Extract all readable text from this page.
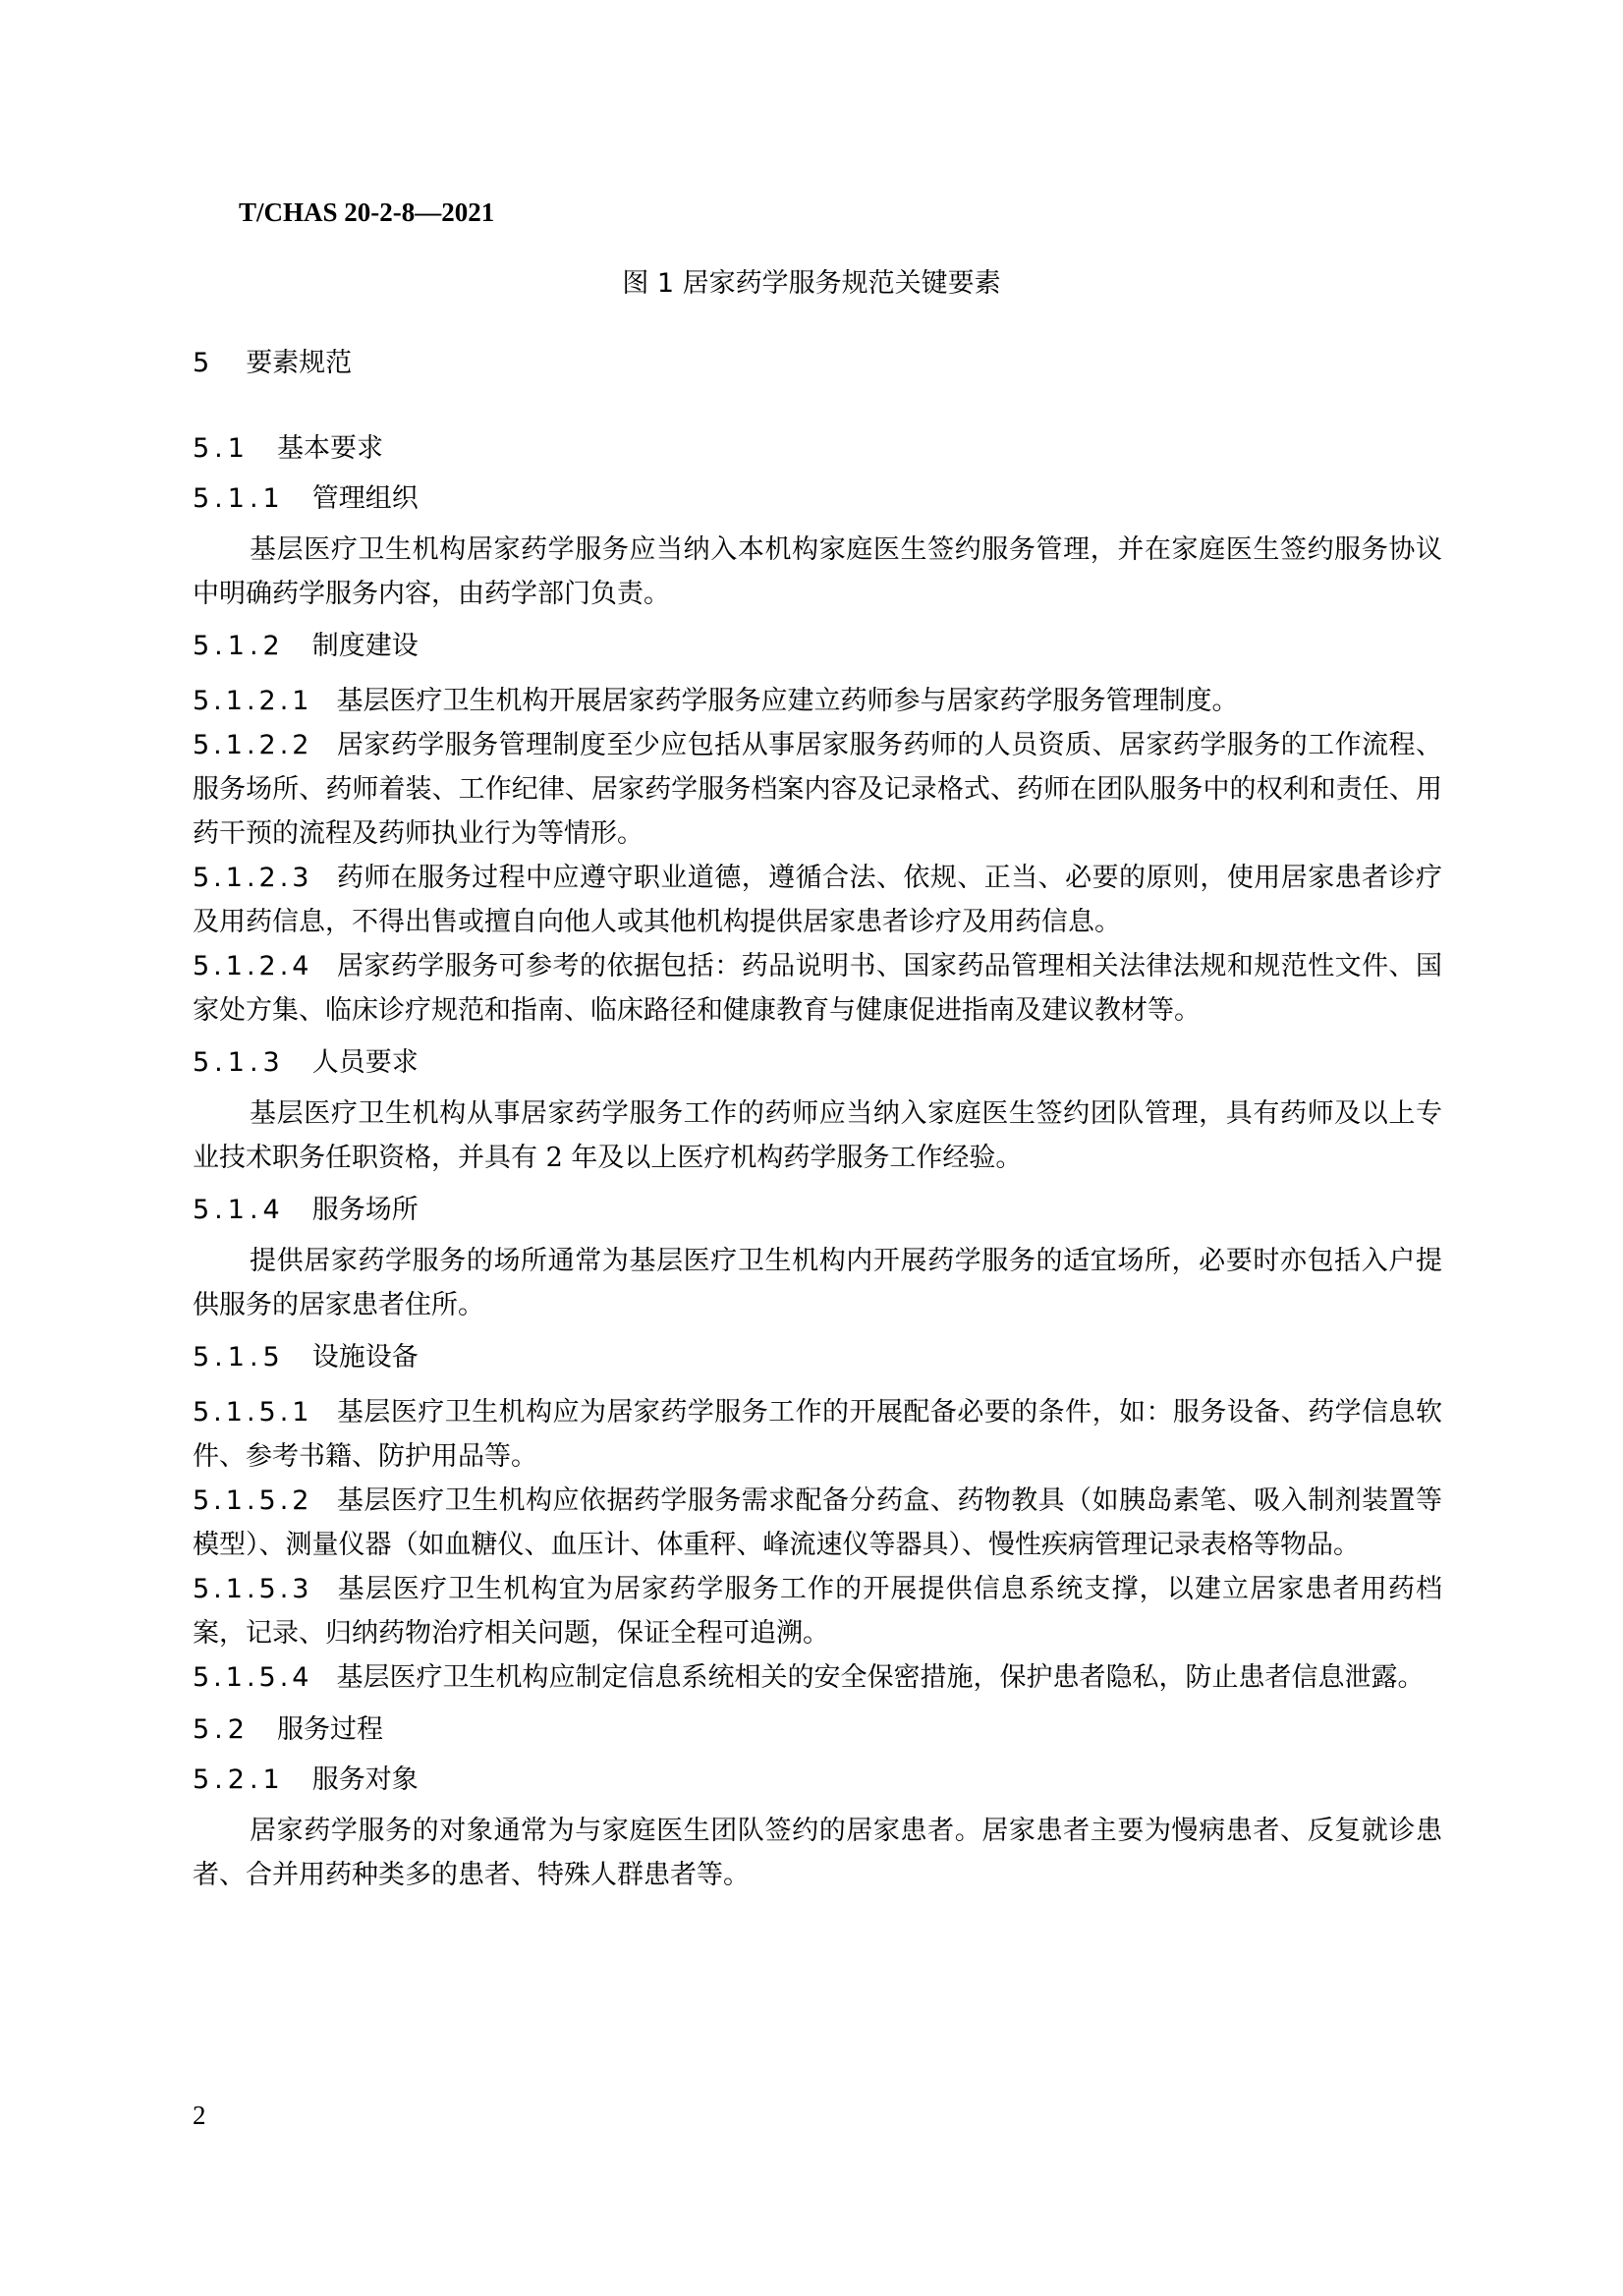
T/CHAS 20-2-8—2021
图 1 居家药学服务规范关键要素

5 要素规范

5.1 基本要求

5.1.1 管理组织

基层医疗卫生机构居家药学服务应当纳入本机构家庭医生签约服务管理，并在家庭医生签约服务协议中明确药学服务内容，由药学部门负责。

5.1.2 制度建设

5.1.2.1 基层医疗卫生机构开展居家药学服务应建立药师参与居家药学服务管理制度。

5.1.2.2 居家药学服务管理制度至少应包括从事居家服务药师的人员资质、居家药学服务的工作流程、服务场所、药师着装、工作纪律、居家药学服务档案内容及记录格式、药师在团队服务中的权利和责任、用药干预的流程及药师执业行为等情形。

5.1.2.3 药师在服务过程中应遵守职业道德，遵循合法、依规、正当、必要的原则，使用居家患者诊疗及用药信息，不得出售或擅自向他人或其他机构提供居家患者诊疗及用药信息。

5.1.2.4 居家药学服务可参考的依据包括：药品说明书、国家药品管理相关法律法规和规范性文件、国家处方集、临床诊疗规范和指南、临床路径和健康教育与健康促进指南及建议教材等。

5.1.3 人员要求

基层医疗卫生机构从事居家药学服务工作的药师应当纳入家庭医生签约团队管理，具有药师及以上专业技术职务任职资格，并具有 2 年及以上医疗机构药学服务工作经验。

5.1.4 服务场所

提供居家药学服务的场所通常为基层医疗卫生机构内开展药学服务的适宜场所，必要时亦包括入户提供服务的居家患者住所。

5.1.5 设施设备

5.1.5.1 基层医疗卫生机构应为居家药学服务工作的开展配备必要的条件，如：服务设备、药学信息软件、参考书籍、防护用品等。

5.1.5.2 基层医疗卫生机构应依据药学服务需求配备分药盒、药物教具（如胰岛素笔、吸入制剂装置等模型）、测量仪器（如血糖仪、血压计、体重秤、峰流速仪等器具）、慢性疾病管理记录表格等物品。

5.1.5.3 基层医疗卫生机构宜为居家药学服务工作的开展提供信息系统支撑，以建立居家患者用药档案，记录、归纳药物治疗相关问题，保证全程可追溯。

5.1.5.4 基层医疗卫生机构应制定信息系统相关的安全保密措施，保护患者隐私，防止患者信息泄露。

5.2 服务过程

5.2.1 服务对象

居家药学服务的对象通常为与家庭医生团队签约的居家患者。居家患者主要为慢病患者、反复就诊患者、合并用药种类多的患者、特殊人群患者等。

2
